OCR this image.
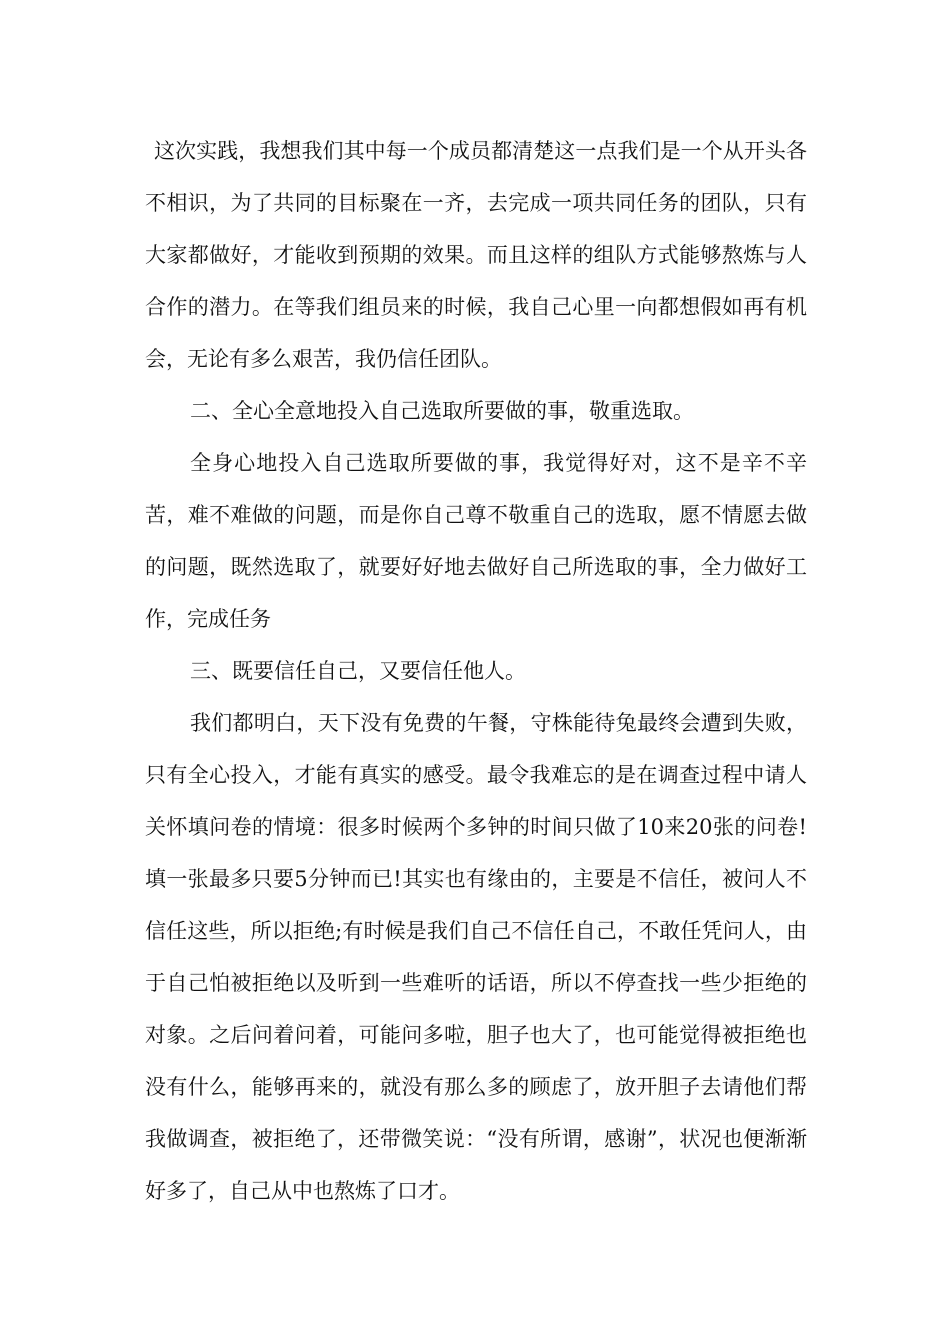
这次实践，我想我们其中每一个成员都清楚这一点我们是一个从开头各不相识，为了共同的目标聚在一齐，去完成一项共同任务的团队，只有大家都做好，才能收到预期的效果。而且这样的组队方式能够熬炼与人合作的潜力。在等我们组员来的时候，我自己心里一向都想假如再有机会，无论有多么艰苦，我仍信任团队。

二、全心全意地投入自己选取所要做的事，敬重选取。

全身心地投入自己选取所要做的事，我觉得好对，这不是辛不辛苦，难不难做的问题，而是你自己尊不敬重自己的选取，愿不情愿去做的问题，既然选取了，就要好好地去做好自己所选取的事，全力做好工作，完成任务

三、既要信任自己，又要信任他人。

我们都明白，天下没有免费的午餐，守株能待兔最终会遭到失败，只有全心投入，才能有真实的感受。最令我难忘的是在调查过程中请人关怀填问卷的情境：很多时候两个多钟的时间只做了10来20张的问卷!填一张最多只要5分钟而已!其实也有缘由的，主要是不信任，被问人不信任这些，所以拒绝;有时候是我们自己不信任自己，不敢任凭问人，由于自己怕被拒绝以及听到一些难听的话语，所以不停查找一些少拒绝的对象。之后问着问着，可能问多啦，胆子也大了，也可能觉得被拒绝也没有什么，能够再来的，就没有那么多的顾虑了，放开胆子去请他们帮我做调查，被拒绝了，还带微笑说：“没有所谓，感谢”，状况也便渐渐好多了，自己从中也熬炼了口才。
